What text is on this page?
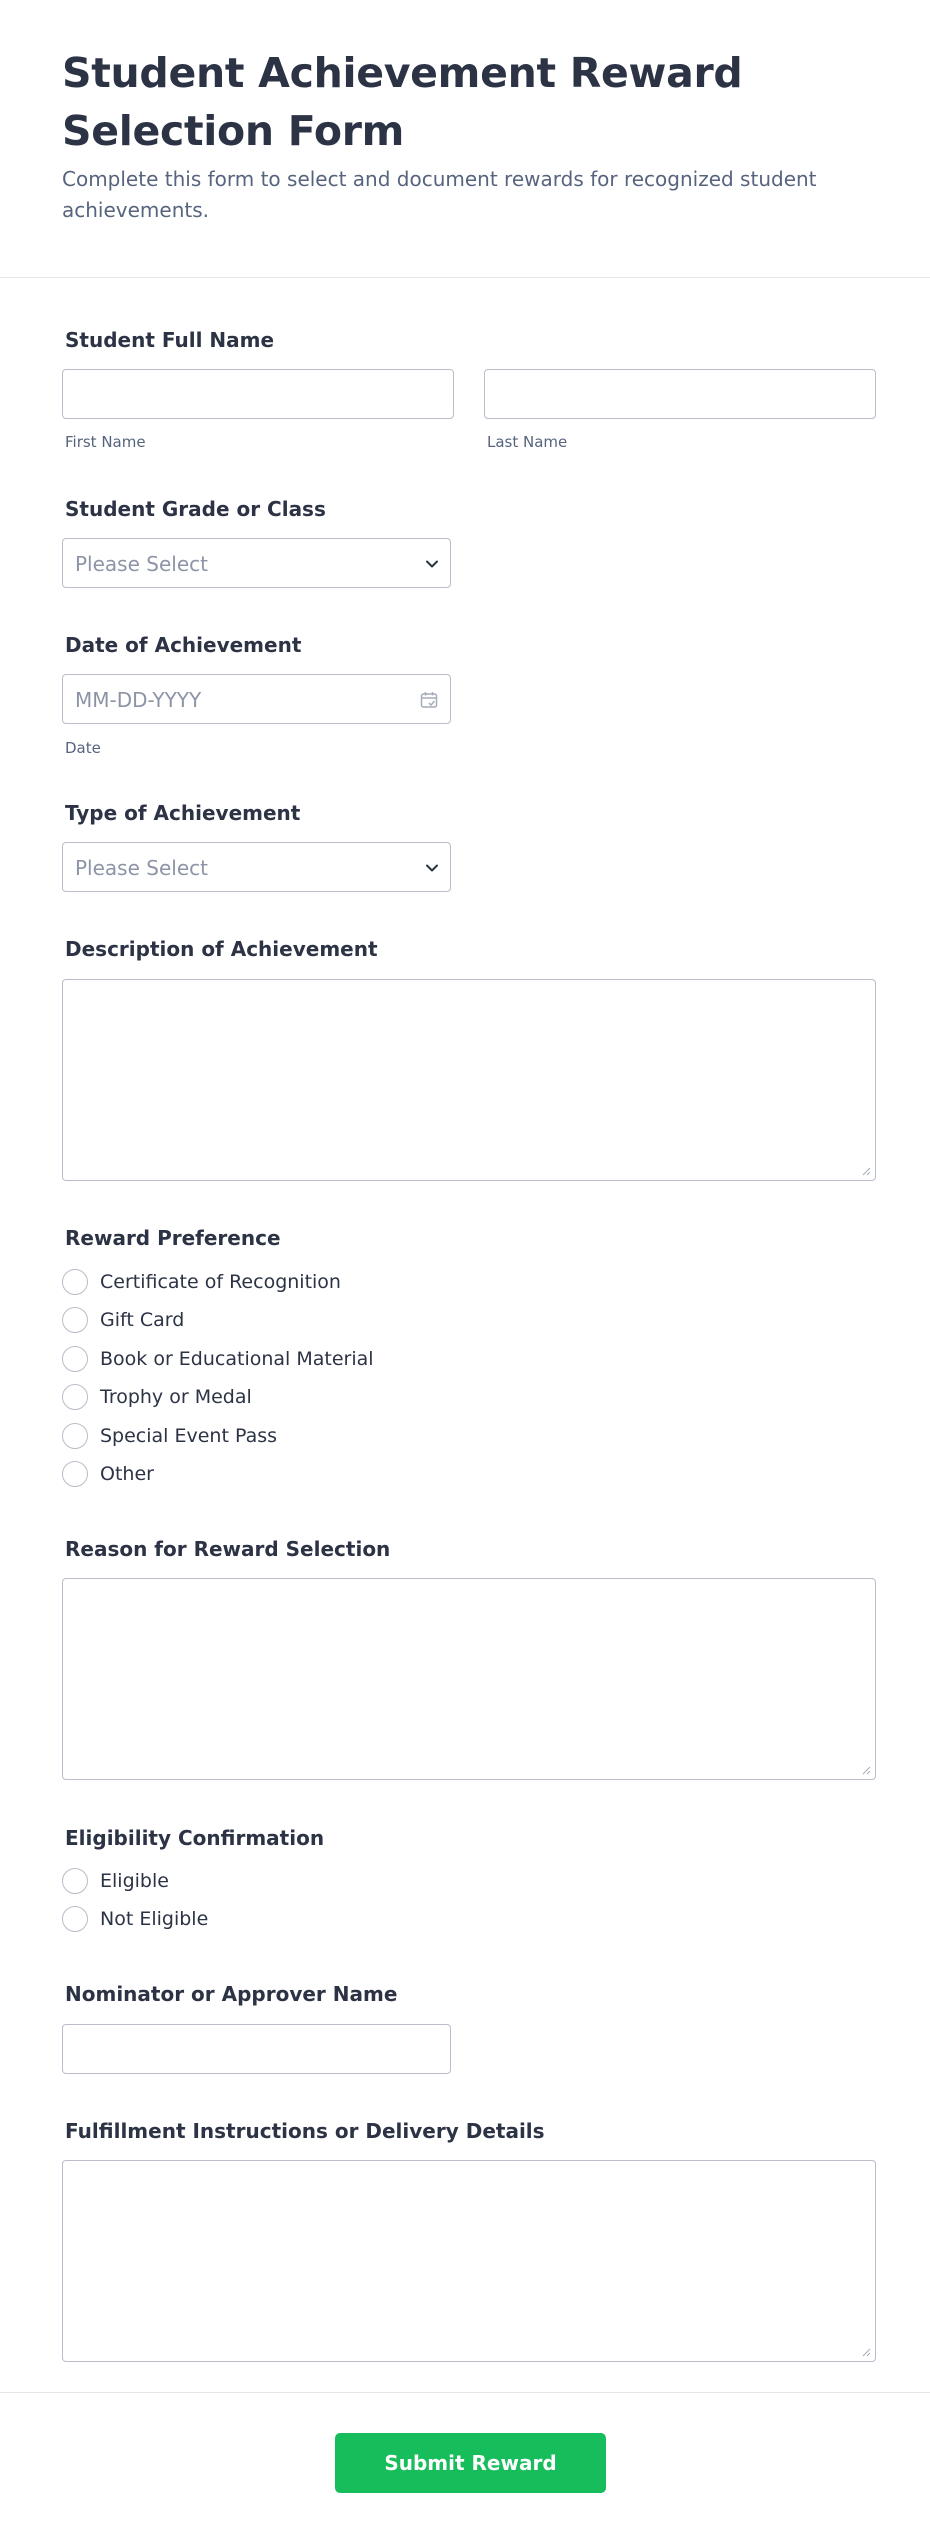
Student Achievement Reward Selection Form
Complete this form to select and document rewards for recognized student achievements.
Student Full Name
First Name	Last Name
Student Grade or Class
Please Select
Date of Achievement
MM-DD-YYYY
Date
Type of Achievement
Please Select
Description of Achievement
Reward Preference
Certificate of Recognition
Gift Card
Book or Educational Material
Trophy or Medal
Special Event Pass
Other
Reason for Reward Selection
Eligibility Confirmation
Eligible
Not Eligible
Nominator or Approver Name
Fulfillment Instructions or Delivery Details
Submit Reward Selection
